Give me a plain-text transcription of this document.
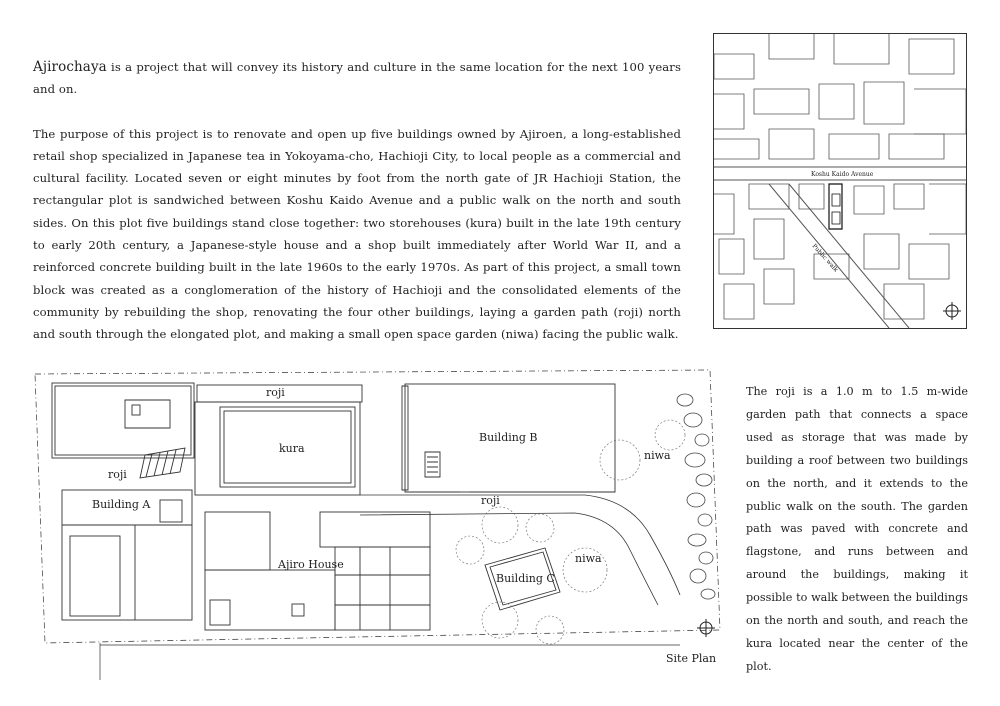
Ajirochaya is a project that will convey its history and culture in the same location for the next 100 years and on.

The purpose of this project is to renovate and open up five buildings owned by Ajiroen, a long-established retail shop specialized in Japanese tea in Yokoyama-cho, Hachioji City, to local people as a commercial and cultural facility. Located seven or eight minutes by foot from the north gate of JR Hachioji Station, the rectangular plot is sandwiched between Koshu Kaido Avenue and a public walk on the north and south sides. On this plot five buildings stand close together: two storehouses (kura) built in the late 19th century to early 20th century, a Japanese-style house and a shop built immediately after World War II, and a reinforced concrete building built in the late 1960s to the early 1970s. As part of this project, a small town block was created as a conglomeration of the history of Hachioji and the consolidated elements of the community by rebuilding the shop, renovating the four other buildings, laying a garden path (roji) north and south through the elongated plot, and making a small open space garden (niwa) facing the public walk.

Koshu Kaido Avenue
Public walk
The roji is a 1.0 m to 1.5 m-wide garden path that connects a space used as storage that was made by building a roof between two buildings on the north, and it extends to the public walk on the south. The garden path was paved with concrete and flagstone, and runs between and around the buildings, making it possible to walk between the buildings on the north and south, and reach the kura located near the center of the plot.
roji
roji
roji
kura
Building A
Building B
Building C
Ajiro House
niwa
niwa
Site Plan
